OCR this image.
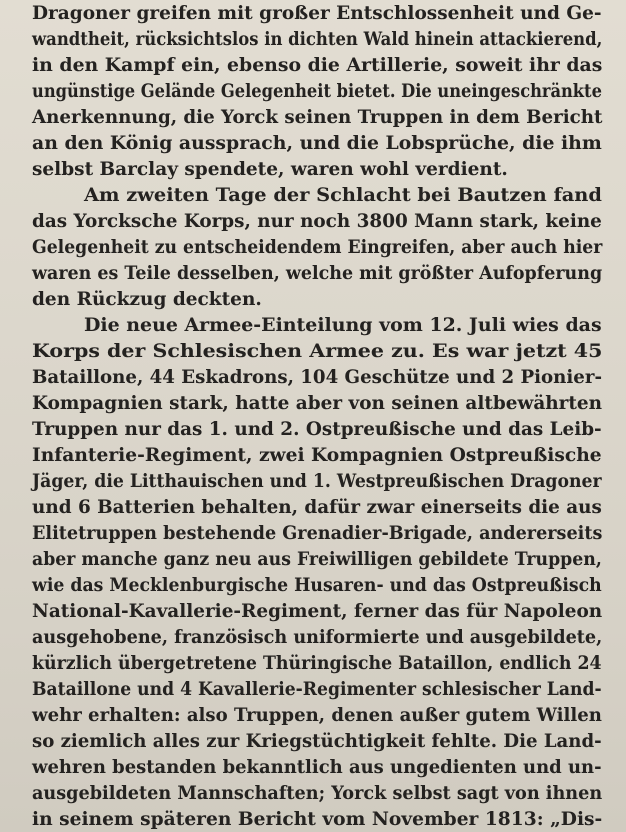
Dragoner greifen mit großer Entschlossenheit und Ge-
wandtheit, rücksichtslos in dichten Wald hinein attackierend,
in den Kampf ein, ebenso die Artillerie, soweit ihr das
ungünstige Gelände Gelegenheit bietet. Die uneingeschränkte
Anerkennung, die Yorck seinen Truppen in dem Bericht
an den König aussprach, und die Lobsprüche, die ihm
selbst Barclay spendete, waren wohl verdient.
Am zweiten Tage der Schlacht bei Bautzen fand
das Yorcksche Korps, nur noch 3800 Mann stark, keine
Gelegenheit zu entscheidendem Eingreifen, aber auch hier
waren es Teile desselben, welche mit größter Aufopferung
den Rückzug deckten.
Die neue Armee-Einteilung vom 12. Juli wies das
Korps der Schlesischen Armee zu. Es war jetzt 45
Bataillone, 44 Eskadrons, 104 Geschütze und 2 Pionier-
Kompagnien stark, hatte aber von seinen altbewährten
Truppen nur das 1. und 2. Ostpreußische und das Leib-
Infanterie-Regiment, zwei Kompagnien Ostpreußische
Jäger, die Litthauischen und 1. Westpreußischen Dragoner
und 6 Batterien behalten, dafür zwar einerseits die aus
Elitetruppen bestehende Grenadier-Brigade, andererseits
aber manche ganz neu aus Freiwilligen gebildete Truppen,
wie das Mecklenburgische Husaren- und das Ostpreußisch
National-Kavallerie-Regiment, ferner das für Napoleon
ausgehobene, französisch uniformierte und ausgebildete,
kürzlich übergetretene Thüringische Bataillon, endlich 24
Bataillone und 4 Kavallerie-Regimenter schlesischer Land-
wehr erhalten: also Truppen, denen außer gutem Willen
so ziemlich alles zur Kriegstüchtigkeit fehlte. Die Land-
wehren bestanden bekanntlich aus ungedienten und un-
ausgebildeten Mannschaften; Yorck selbst sagt von ihnen
in seinem späteren Bericht vom November 1813: „Dis-
